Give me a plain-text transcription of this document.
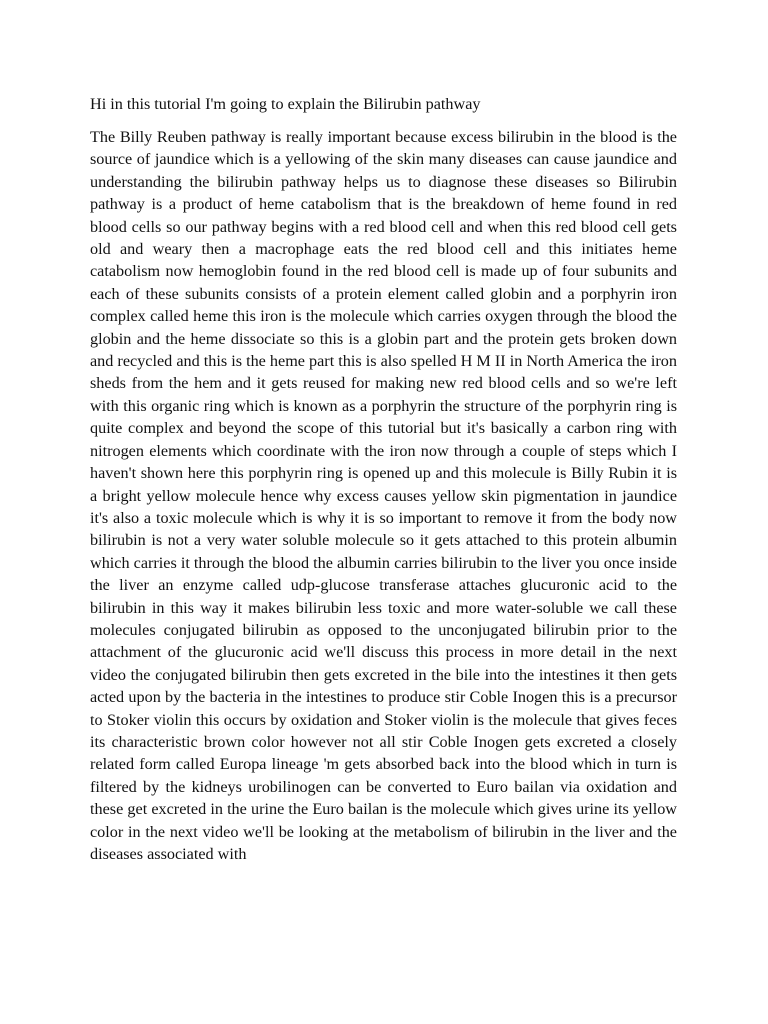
Hi in this tutorial I'm going to explain the Bilirubin pathway

The Billy Reuben pathway is really important because excess bilirubin in the blood is the source of jaundice which is a yellowing of the skin many diseases can cause jaundice and understanding the bilirubin pathway helps us to diagnose these diseases so Bilirubin pathway is a product of heme catabolism that is the breakdown of heme found in red blood cells so our pathway begins with a red blood cell and when this red blood cell gets old and weary then a macrophage eats the red blood cell and this initiates heme catabolism now hemoglobin found in the red blood cell is made up of four subunits and each of these subunits consists of a protein element called globin and a porphyrin iron complex called heme this iron is the molecule which carries oxygen through the blood the globin and the heme dissociate so this is a globin part and the protein gets broken down and recycled and this is the heme part this is also spelled H M II in North America the iron sheds from the hem and it gets reused for making new red blood cells and so we're left with this organic ring which is known as a porphyrin the structure of the porphyrin ring is quite complex and beyond the scope of this tutorial but it's basically a carbon ring with nitrogen elements which coordinate with the iron now through a couple of steps which I haven't shown here this porphyrin ring is opened up and this molecule is Billy Rubin it is a bright yellow molecule hence why excess causes yellow skin pigmentation in jaundice it's also a toxic molecule which is why it is so important to remove it from the body now bilirubin is not a very water soluble molecule so it gets attached to this protein albumin which carries it through the blood the albumin carries bilirubin to the liver you once inside the liver an enzyme called udp-glucose transferase attaches glucuronic acid to the bilirubin in this way it makes bilirubin less toxic and more water-soluble we call these molecules conjugated bilirubin as opposed to the unconjugated bilirubin prior to the attachment of the glucuronic acid we'll discuss this process in more detail in the next video the conjugated bilirubin then gets excreted in the bile into the intestines it then gets acted upon by the bacteria in the intestines to produce stir Coble Inogen this is a precursor to Stoker violin this occurs by oxidation and Stoker violin is the molecule that gives feces its characteristic brown color however not all stir Coble Inogen gets excreted a closely related form called Europa lineage 'm gets absorbed back into the blood which in turn is filtered by the kidneys urobilinogen can be converted to Euro bailan via oxidation and these get excreted in the urine the Euro bailan is the molecule which gives urine its yellow color in the next video we'll be looking at the metabolism of bilirubin in the liver and the diseases associated with
